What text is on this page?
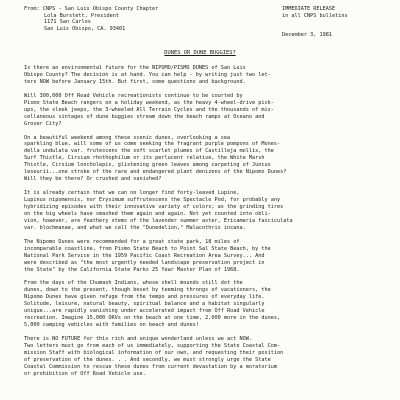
From: CNPS - San Luis Obispo County Chapter
Lola Burstett, President
1171 San Carlos
San Luis Obispo, CA. 93401
IMMEDIATE RELEASE
in all CNPS bulletins
December 3, 1981
DUNES OR DUNE BUGGIES?
Is there an environmental future for the NIPOMO/PISMO DUNES of San Luis
Obispo County? The decision is at hand. You can help - by writing just two let-
ters NOW before January 15th. But first, some questions and background.
Will 300,000 Off Road Vehicle recreationists continue to be courted by
Pismo State Beach rangers on a holiday weekend, as the heavy 4-wheel-drive pick-
ups, the sleek jeeps, the 3-wheeled All Terrain Cycles and the thousands of mis-
cellaneous vintages of dune buggies stream down the beach ramps at Oceano and
Grover City?
On a beautiful weekend among these scenic dunes, overlooking a sea
sparkling blue, will some of us come seeking the fragrant purple pompons of Mones-
della undulata var. frutescens the soft scarlet plumes of Castilleja mollis, the
Surf Thistle, Cirsium rhothophilum or its perlucent relative, the White Marsh
Thistle, Cirsium loncholepis, glistening green leaves among carpeting of Juncus
leseurii...one stroke of the rare and endangered plant denizens of the Nipomo Dunes?
Will they be there? Or crushed and vanished?
It is already certain that we can no longer find forty-leaved Lupine,
Lupinus nipomensis, nor Erysimum suffrutescens the Spectacle Pod, for probably any
hybridizing episodes with their innovative variety of colors; as the grinding tires
on the big wheels have smashed them again and again. Not yet counted into obli-
vion, however, are feathery stems of the lavender summer aster, Ericameria fasciculata
var. blochmanae, and what we call the "Dunedelion," Malacothrix incana.
The Nipomo Dunes were recommended for a great state park, 18 miles of
incomparable coastline, from Pismo State Beach to Point Sal State Beach, by the
National Park Service in the 1959 Pacific Coast Recreation Area Survey... And
were described as "the most urgently needed landscape preservation project in
the State" by the California State Parks 25 Year Master Plan of 1968.
From the days of the Chumash Indians, whose shell mounds still dot the
dunes, down to the present, though beset by teeming throngs of vacationers, the
Nipomo Dunes have given refuge from the tempo and pressures of everyday life.
Solitude, leisure, natural beauty, spiritual balance and a habitat singularly
unique...are rapidly vanishing under accelerated impact from Off Road Vehicle
recreation. Imagine 15,000 ORVs on the beach at one time, 2,000 more in the dunes,
5,000 camping vehicles with families on beach and dunes!
There is NO FUTURE for this rich and unique wonderland unless we act NOW.
Two letters must go from each of us immediately, supporting the State Coastal Com-
mission Staff with biological information of our own, and requesting their position
of preservation of the dunes. . . And secondly, we must strongly urge the State
Coastal Commission to rescue these dunes from current devastation by a moratorium
or prohibition of Off Road Vehicle use.
